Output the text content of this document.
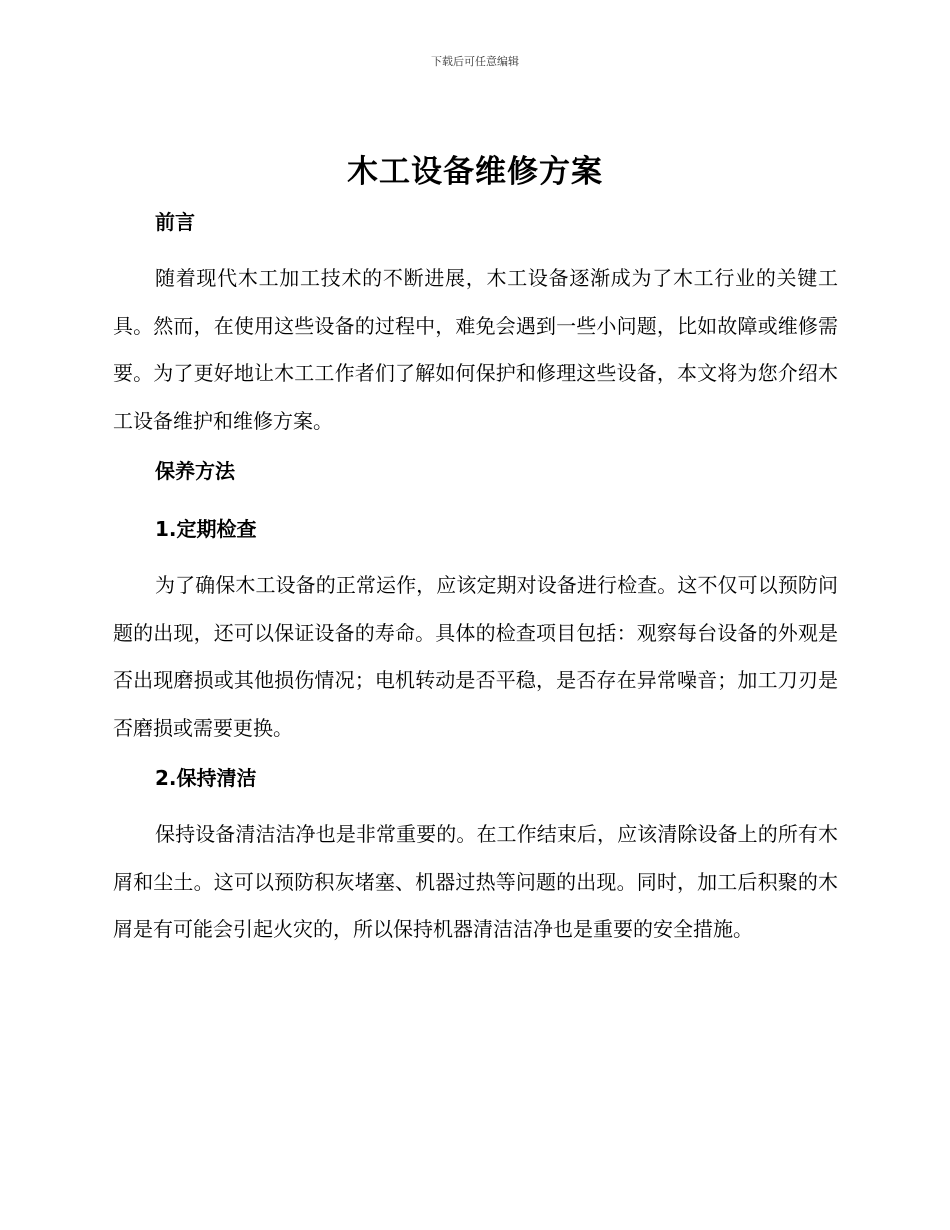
下载后可任意编辑
木工设备维修方案
前言
随着现代木工加工技术的不断进展，木工设备逐渐成为了木工行业的关键工具。然而，在使用这些设备的过程中，难免会遇到一些小问题，比如故障或维修需要。为了更好地让木工工作者们了解如何保护和修理这些设备，本文将为您介绍木工设备维护和维修方案。
保养方法
1.定期检查
为了确保木工设备的正常运作，应该定期对设备进行检查。这不仅可以预防问题的出现，还可以保证设备的寿命。具体的检查项目包括：观察每台设备的外观是否出现磨损或其他损伤情况；电机转动是否平稳，是否存在异常噪音；加工刀刃是否磨损或需要更换。
2.保持清洁
保持设备清洁洁净也是非常重要的。在工作结束后，应该清除设备上的所有木屑和尘土。这可以预防积灰堵塞、机器过热等问题的出现。同时，加工后积聚的木屑是有可能会引起火灾的，所以保持机器清洁洁净也是重要的安全措施。
